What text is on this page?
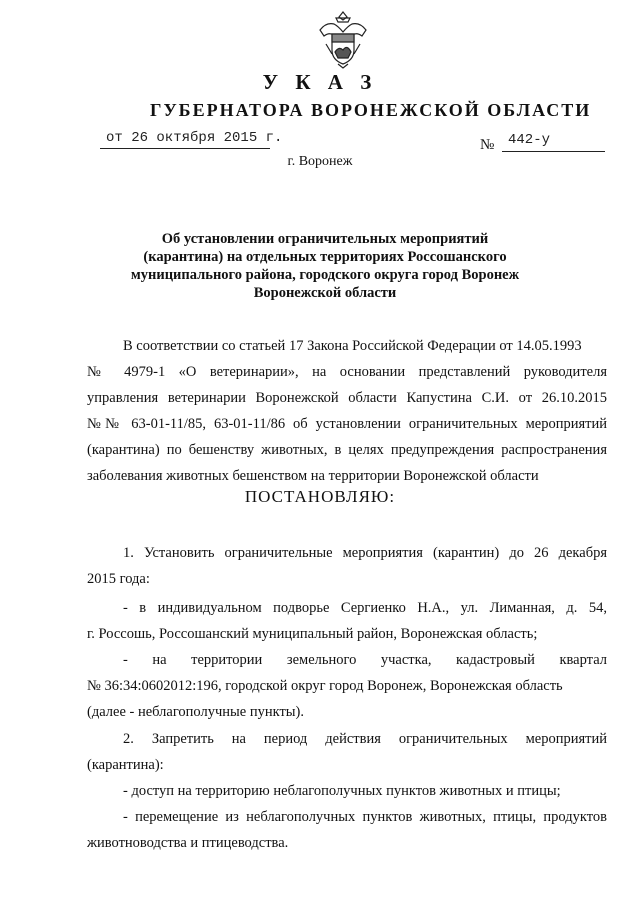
У К А З
ГУБЕРНАТОРА ВОРОНЕЖСКОЙ ОБЛАСТИ
от 26 октября 2015 г.	№ 442-у
г. Воронеж
Об установлении ограничительных мероприятий
(карантина) на отдельных территориях Россошанского
муниципального района, городского округа город Воронеж
Воронежской области
В соответствии со статьей 17 Закона Российской Федерации от 14.05.1993
№ 4979-1 «О ветеринарии», на основании представлений руководителя
управления ветеринарии Воронежской области Капустина С.И. от 26.10.2015
№№ 63-01-11/85, 63-01-11/86 об установлении ограничительных мероприятий
(карантина) по бешенству животных, в целях предупреждения распространения
заболевания животных бешенством на территории Воронежской области
1. Установить ограничительные мероприятия (карантин) до 26 декабря
2015 года:
- в индивидуальном подворье Сергиенко Н.А., ул. Лиманная, д. 54,
г. Россошь, Россошанский муниципальный район, Воронежская область;
- на территории земельного участка, кадастровый квартал
№ 36:34:0602012:196, городской округ город Воронеж, Воронежская область
(далее - неблагополучные пункты).
2. Запретить на период действия ограничительных мероприятий
(карантина):
- доступ на территорию неблагополучных пунктов животных и птицы;
- перемещение из неблагополучных пунктов животных, птицы, продуктов
животноводства и птицеводства.
ПОСТАНОВЛЯЮ:
